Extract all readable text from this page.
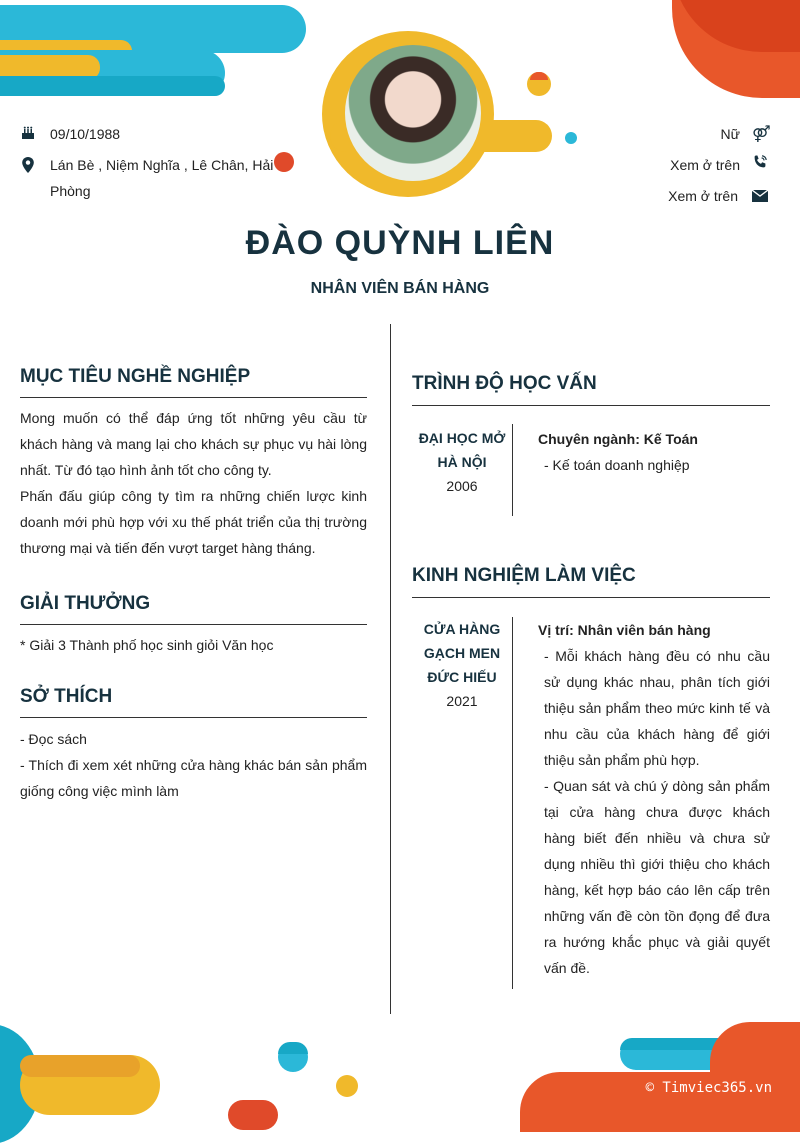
09/10/1988
Lán Bè , Niệm Nghĩa , Lê Chân, Hải
Phòng
Nữ ⚤
Xem ở trên
Xem ở trên
ĐÀO QUỲNH LIÊN
NHÂN VIÊN BÁN HÀNG
MỤC TIÊU NGHỀ NGHIỆP

Mong muốn có thể đáp ứng tốt những yêu cầu từ khách hàng và mang lại cho khách sự phục vụ hài lòng nhất. Từ đó tạo hình ảnh tốt cho công ty.

Phấn đấu giúp công ty tìm ra những chiến lược kinh doanh mới phù hợp với xu thế phát triển của thị trường thương mại và tiến đến vượt target hàng tháng.

GIẢI THƯỞNG

* Giải 3 Thành phố học sinh giỏi Văn học

SỞ THÍCH

- Đọc sách

- Thích đi xem xét những cửa hàng khác bán sản phẩm giống công việc mình làm

TRÌNH ĐỘ HỌC VẤN
ĐẠI HỌC MỞ
HÀ NỘI
2006
Chuyên ngành: Kế Toán
- Kế toán doanh nghiệp
KINH NGHIỆM LÀM VIỆC
CỬA HÀNG
GẠCH MEN
ĐỨC HIẾU
2021
Vị trí: Nhân viên bán hàng
- Mỗi khách hàng đều có nhu cầu sử dụng khác nhau, phân tích giới thiệu sản phẩm theo mức kinh tế và nhu cầu của khách hàng để giới thiệu sản phẩm phù hợp.
- Quan sát và chú ý dòng sản phẩm tại cửa hàng chưa được khách hàng biết đến nhiều và chưa sử dụng nhiều thì giới thiệu cho khách hàng, kết hợp báo cáo lên cấp trên những vấn đề còn tồn đọng để đưa ra hướng khắc phục và giải quyết vấn đề.
© Timviec365.vn
